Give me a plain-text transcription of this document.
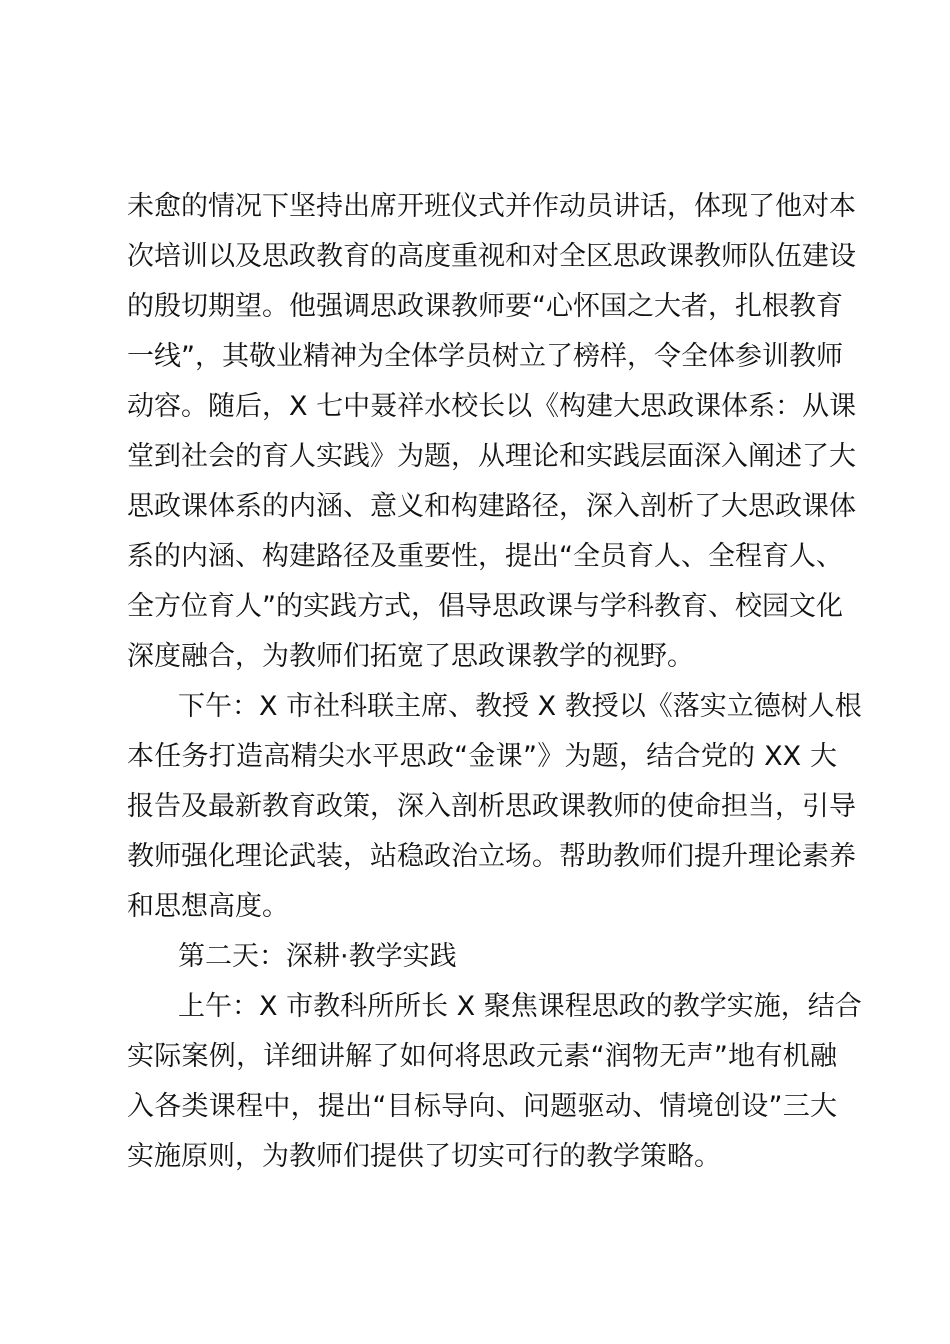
未愈的情况下坚持出席开班仪式并作动员讲话，体现了他对本
次培训以及思政教育的高度重视和对全区思政课教师队伍建设
的殷切期望。他强调思政课教师要“心怀国之大者，扎根教育
一线”，其敬业精神为全体学员树立了榜样，令全体参训教师
动容。随后，X 七中聂祥水校长以《构建大思政课体系：从课
堂到社会的育人实践》为题，从理论和实践层面深入阐述了大
思政课体系的内涵、意义和构建路径，深入剖析了大思政课体
系的内涵、构建路径及重要性，提出“全员育人、全程育人、
全方位育人”的实践方式，倡导思政课与学科教育、校园文化
深度融合，为教师们拓宽了思政课教学的视野。
下午：X 市社科联主席、教授 X 教授以《落实立德树人根
本任务打造高精尖水平思政“金课”》为题，结合党的 XX 大
报告及最新教育政策，深入剖析思政课教师的使命担当，引导
教师强化理论武装，站稳政治立场。帮助教师们提升理论素养
和思想高度。
第二天：深耕·教学实践
上午：X 市教科所所长 X 聚焦课程思政的教学实施，结合
实际案例，详细讲解了如何将思政元素“润物无声”地有机融
入各类课程中，提出“目标导向、问题驱动、情境创设”三大
实施原则，为教师们提供了切实可行的教学策略。
